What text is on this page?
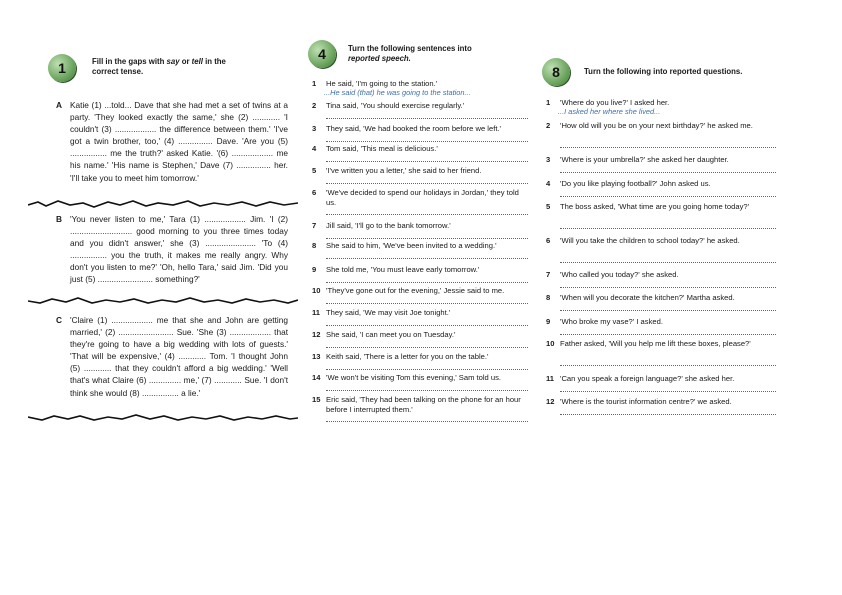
1	Fill in the gaps with say or tell in the
correct tense.
A Katie (1) ...told... Dave that she had met a set of twins at a party. 'They looked exactly the same,' she (2) ............ 'I couldn't (3) .................. the difference between them.' 'I've got a twin brother, too,' (4) ............... Dave. 'Are you (5) ................ me the truth?' asked Katie. '(6) .................. me his name.' 'His name is Stephen,' Dave (7) ............... her. 'I'll take you to meet him tomorrow.'
B 'You never listen to me,' Tara (1) .................. Jim. 'I (2) ........................... good morning to you three times today and you didn't answer,' she (3) ...................... 'To (4) ................ you the truth, it makes me really angry. Why don't you listen to me?' 'Oh, hello Tara,' said Jim. 'Did you just (5) ........................ something?'
C 'Claire (1) .................. me that she and John are getting married,' (2) ........................ Sue. 'She (3) .................. that they're going to have a big wedding with lots of guests.' 'That will be expensive,' (4) ............ Tom. 'I thought John (5) ............ that they couldn't afford a big wedding.' 'Well that's what Claire (6) .............. me,' (7) ............ Sue. 'I don't think she would (8) ................ a lie.'
4	Turn the following sentences into
reported speech.
1 He said, 'I'm going to the station.'
...He said (that) he was going to the station...
2 Tina said, 'You should exercise regularly.'
3 They said, 'We had booked the room before we left.'
4 Tom said, 'This meal is delicious.'
5 'I've written you a letter,' she said to her friend.
6 'We've decided to spend our holidays in Jordan,' they told us.
7 Jill said, 'I'll go to the bank tomorrow.'
8 She said to him, 'We've been invited to a wedding.'
9 She told me, 'You must leave early tomorrow.'
10 'They've gone out for the evening,' Jessie said to me.
11 They said, 'We may visit Joe tonight.'
12 She said, 'I can meet you on Tuesday.'
13 Keith said, 'There is a letter for you on the table.'
14 'We won't be visiting Tom this evening,' Sam told us.
15 Eric said, 'They had been talking on the phone for an hour before I interrupted them.'
8	Turn the following into reported questions.
1 'Where do you live?' I asked her.
...I asked her where she lived...
2 'How old will you be on your next birthday?' he asked me.
3 'Where is your umbrella?' she asked her daughter.
4 'Do you like playing football?' John asked us.
5 The boss asked, 'What time are you going home today?'
6 'Will you take the children to school today?' he asked.
7 'Who called you today?' she asked.
8 'When will you decorate the kitchen?' Martha asked.
9 'Who broke my vase?' I asked.
10 Father asked, 'Will you help me lift these boxes, please?'
11 'Can you speak a foreign language?' she asked her.
12 'Where is the tourist information centre?' we asked.
